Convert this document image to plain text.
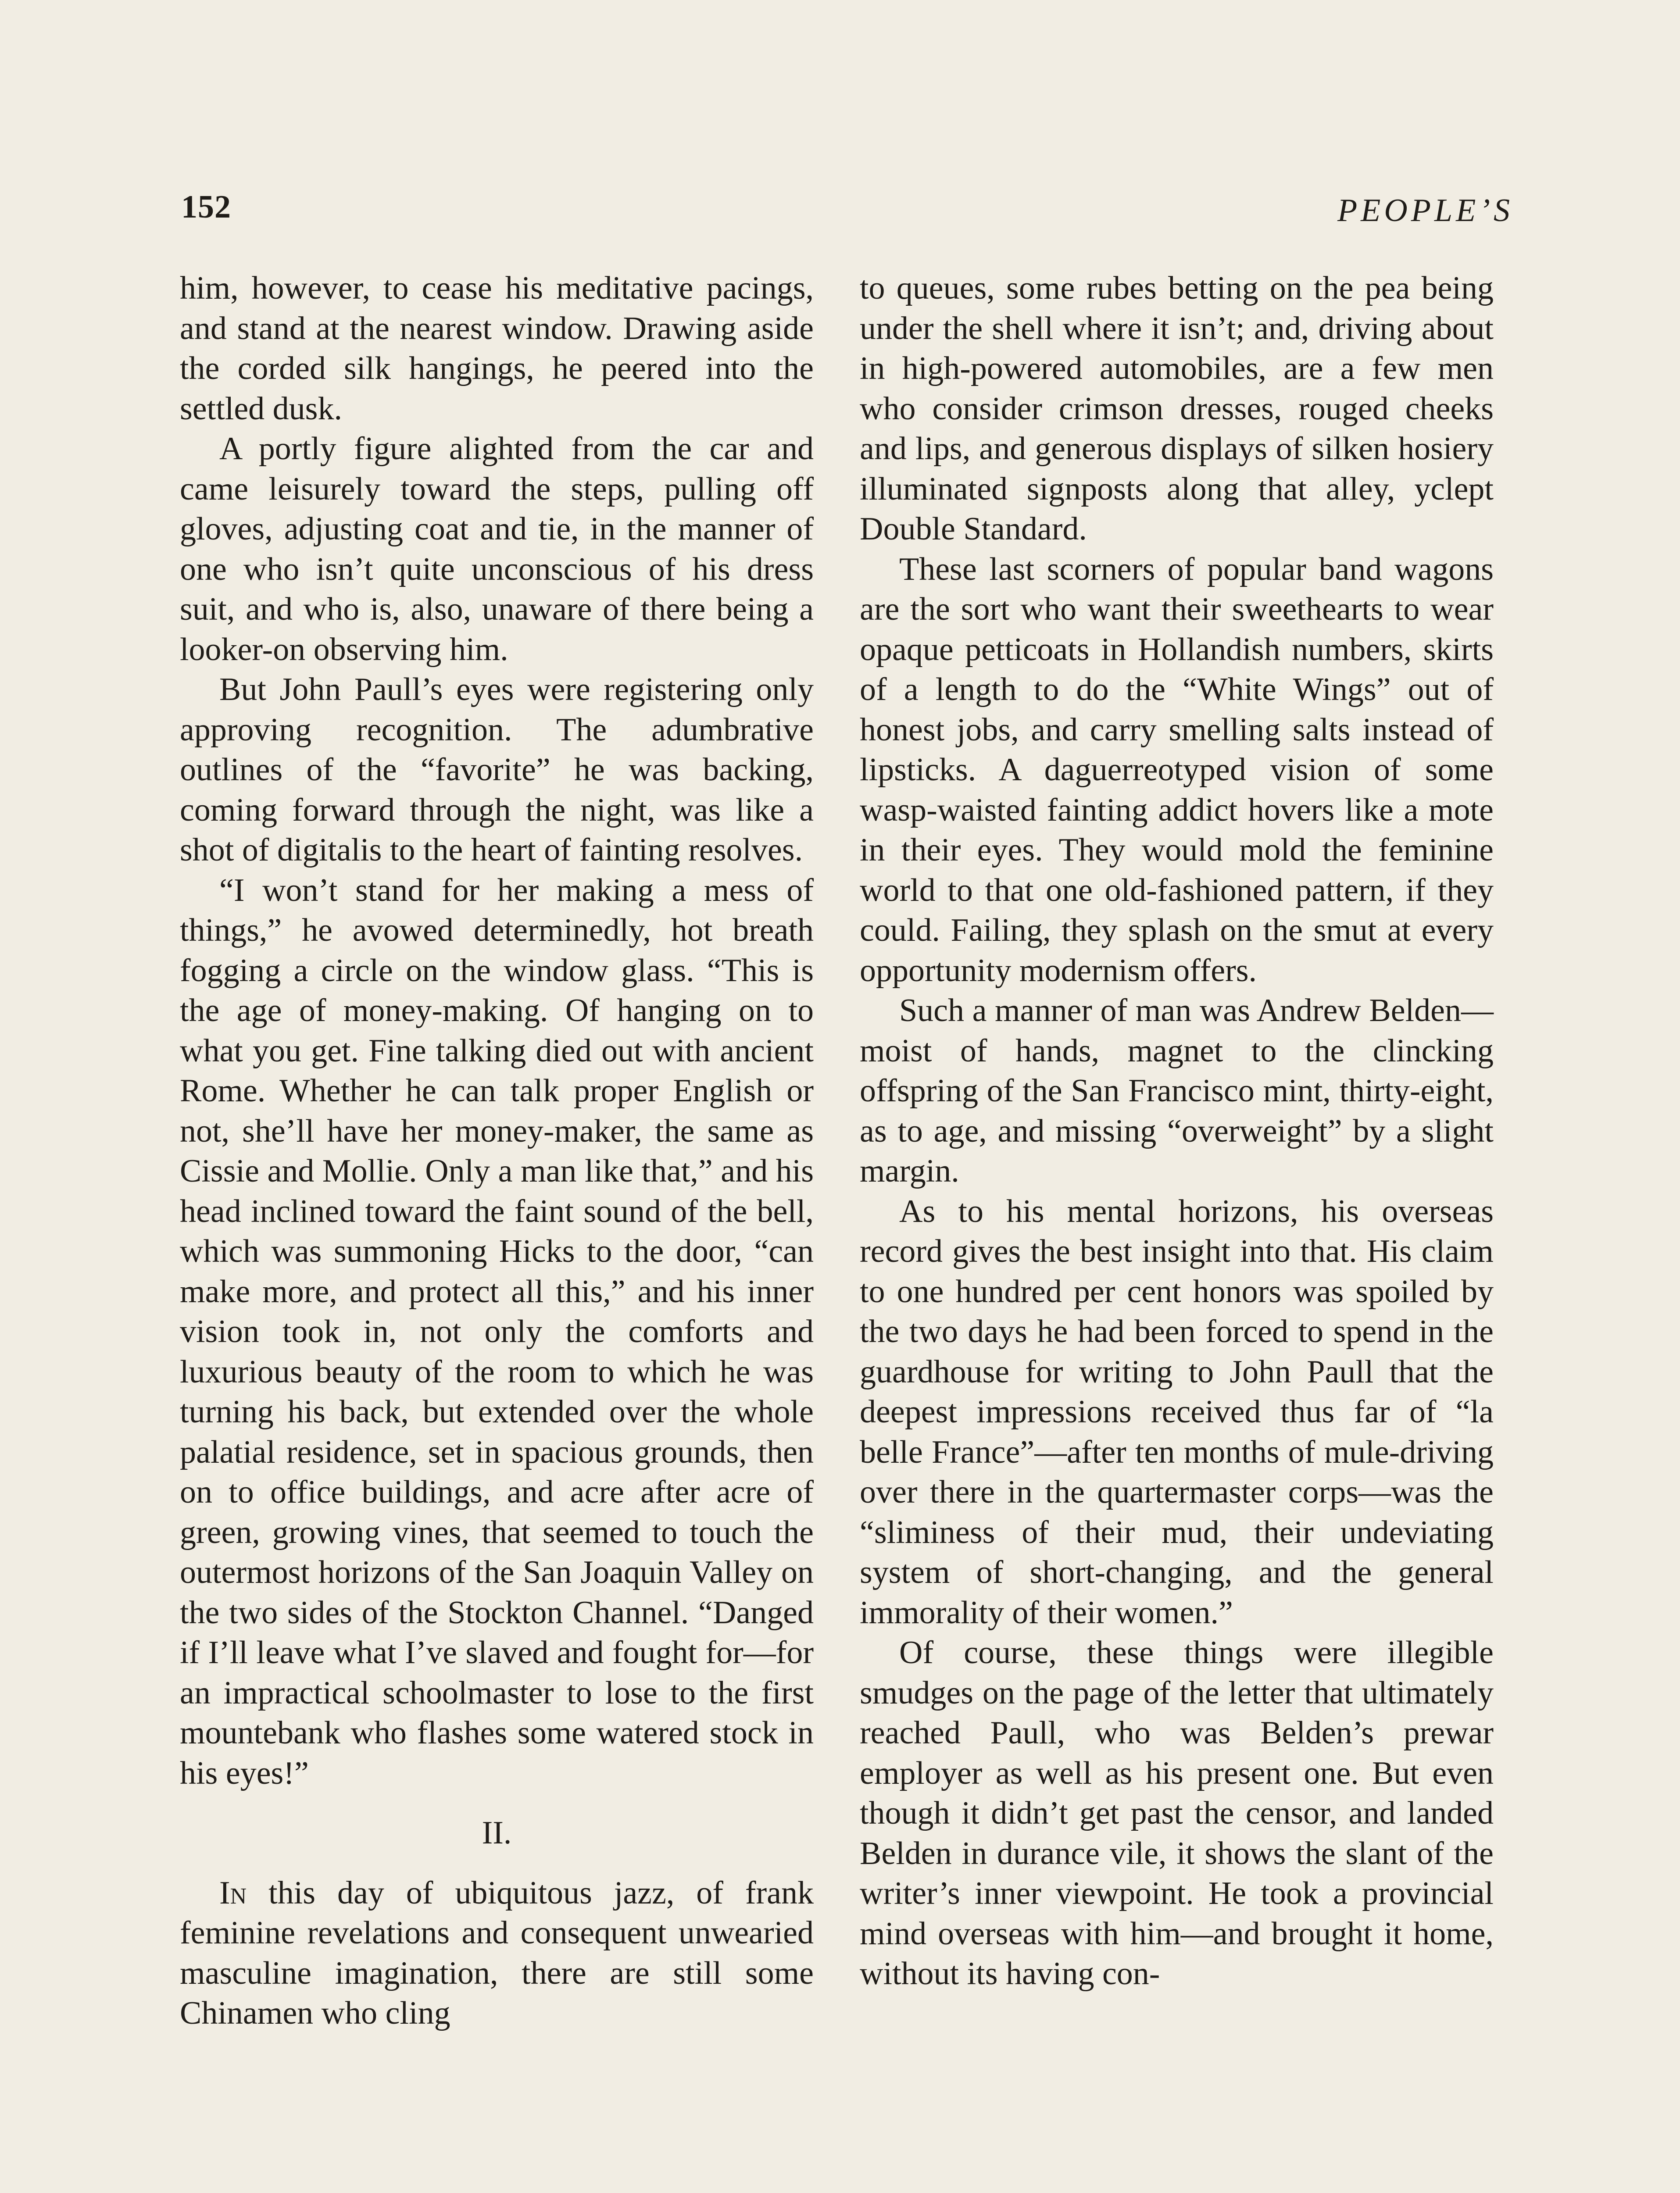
152	PEOPLE’S

him, however, to cease his meditative pacings, and stand at the nearest window. Drawing aside the corded silk hangings, he peered into the settled dusk.

A portly figure alighted from the car and came leisurely toward the steps, pulling off gloves, adjusting coat and tie, in the manner of one who isn’t quite unconscious of his dress suit, and who is, also, unaware of there being a looker-on observing him.

But John Paull’s eyes were registering only approving recognition. The adumbrative outlines of the “favorite” he was backing, coming forward through the night, was like a shot of digitalis to the heart of fainting resolves.

“I won’t stand for her making a mess of things,” he avowed determinedly, hot breath fogging a circle on the window glass. “This is the age of money-making. Of hanging on to what you get. Fine talking died out with ancient Rome. Whether he can talk proper English or not, she’ll have her money-maker, the same as Cissie and Mollie. Only a man like that,” and his head inclined toward the faint sound of the bell, which was summoning Hicks to the door, “can make more, and protect all this,” and his inner vision took in, not only the comforts and luxurious beauty of the room to which he was turning his back, but extended over the whole palatial residence, set in spacious grounds, then on to office buildings, and acre after acre of green, growing vines, that seemed to touch the outermost horizons of the San Joaquin Valley on the two sides of the Stockton Channel. “Danged if I’ll leave what I’ve slaved and fought for—for an impractical schoolmaster to lose to the first mountebank who flashes some watered stock in his eyes!”

II.

In this day of ubiquitous jazz, of frank feminine revelations and consequent unwearied masculine imagination, there are still some Chinamen who cling

to queues, some rubes betting on the pea being under the shell where it isn’t; and, driving about in high-powered automobiles, are a few men who consider crimson dresses, rouged cheeks and lips, and generous displays of silken hosiery illuminated signposts along that alley, yclept Double Standard.

These last scorners of popular band wagons are the sort who want their sweethearts to wear opaque petticoats in Hollandish numbers, skirts of a length to do the “White Wings” out of honest jobs, and carry smelling salts instead of lipsticks. A daguerreotyped vision of some wasp-waisted fainting addict hovers like a mote in their eyes. They would mold the feminine world to that one old-fashioned pattern, if they could. Failing, they splash on the smut at every opportunity modernism offers.

Such a manner of man was Andrew Belden—moist of hands, magnet to the clincking offspring of the San Francisco mint, thirty-eight, as to age, and missing “overweight” by a slight margin.

As to his mental horizons, his overseas record gives the best insight into that. His claim to one hundred per cent honors was spoiled by the two days he had been forced to spend in the guardhouse for writing to John Paull that the deepest impressions received thus far of “la belle France”—after ten months of mule-driving over there in the quartermaster corps—was the “sliminess of their mud, their undeviating system of short-changing, and the general immorality of their women.”

Of course, these things were illegible smudges on the page of the letter that ultimately reached Paull, who was Belden’s prewar employer as well as his present one. But even though it didn’t get past the censor, and landed Belden in durance vile, it shows the slant of the writer’s inner viewpoint. He took a provincial mind overseas with him—and brought it home, without its having con-
